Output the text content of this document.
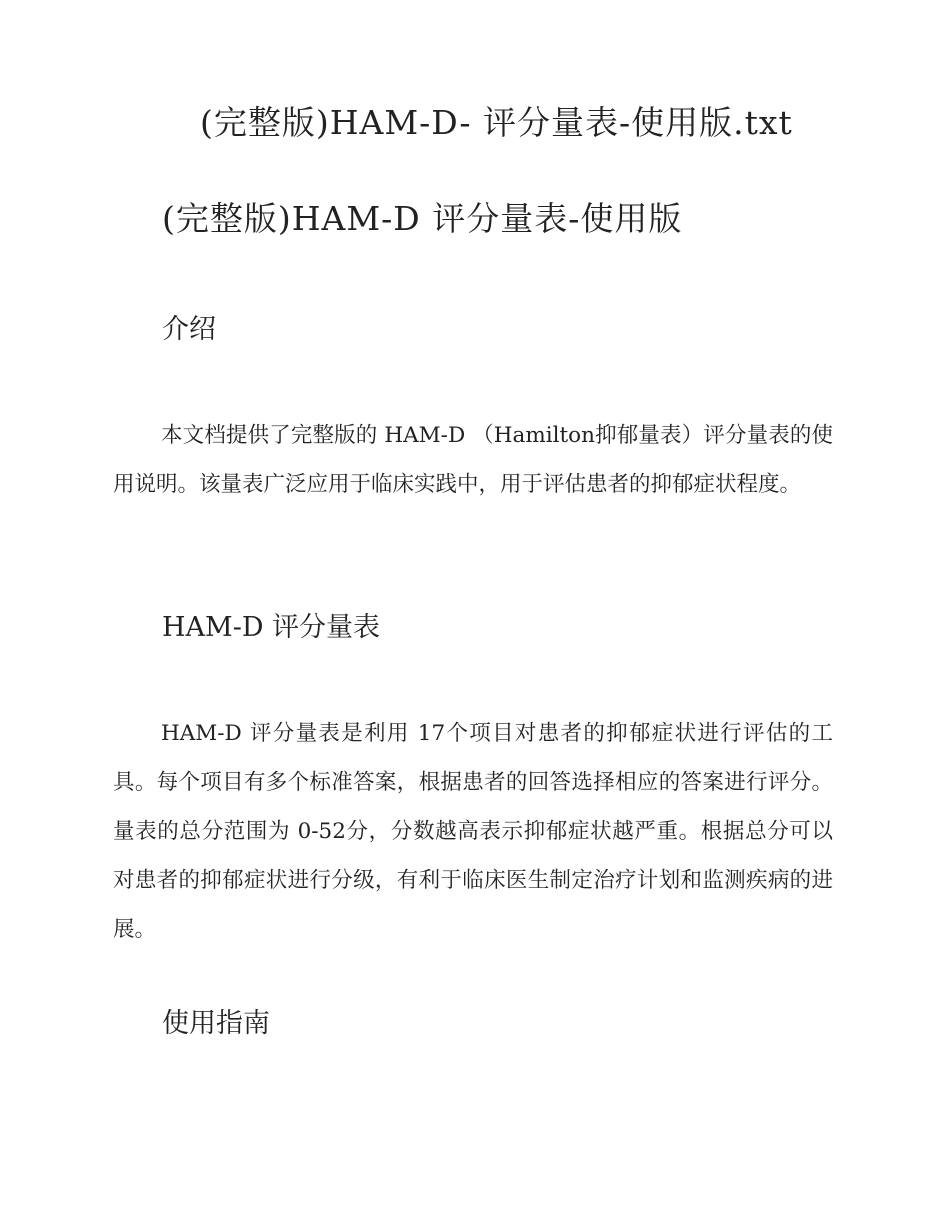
(完整版)HAM-D- 评分量表-使用版.txt
(完整版)HAM-D 评分量表-使用版
介绍

本文档提供了完整版的 HAM-D （Hamilton抑郁量表）评分量表的使用说明。该量表广泛应用于临床实践中，用于评估患者的抑郁症状程度。

HAM-D 评分量表

HAM-D 评分量表是利用 17个项目对患者的抑郁症状进行评估的工具。每个项目有多个标准答案，根据患者的回答选择相应的答案进行评分。量表的总分范围为 0-52分，分数越高表示抑郁症状越严重。根据总分可以对患者的抑郁症状进行分级，有利于临床医生制定治疗计划和监测疾病的进展。

使用指南
